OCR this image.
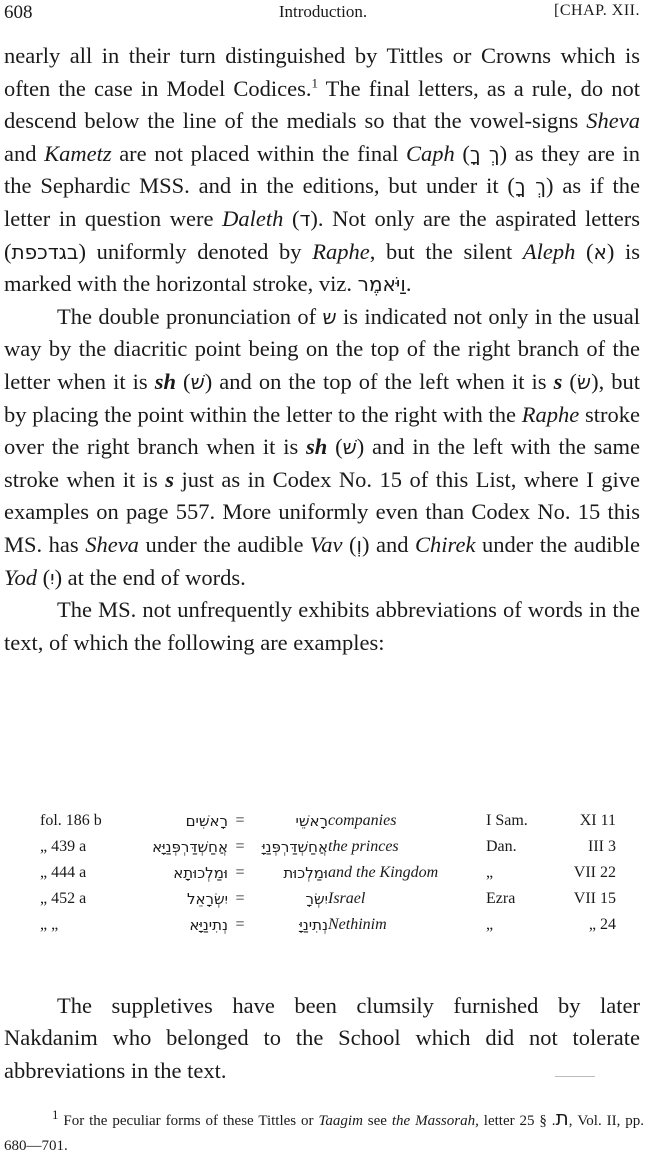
608	Introduction.	[CHAP. XII.

nearly all in their turn distinguished by Tittles or Crowns which is often the case in Model Codices.$^1$ The final letters, as a rule, do not descend below the line of the medials so that the vowel-signs Sheva and Kametz are not placed within the final Caph (ךְ ךָ) as they are in the Sephardic MSS. and in the editions, but under it (ךְ ךָ) as if the letter in question were Daleth (ד). Not only are the aspirated letters (בגדכפת) uniformly denoted by Raphe, but the silent Aleph (א) is marked with the horizontal stroke, viz. וַיֹּאמֶר.

The double pronunciation of ש is indicated not only in the usual way by the diacritic point being on the top of the right branch of the letter when it is sh (שׁ) and on the top of the left when it is s (שׂ), but by placing the point within the letter to the right with the Raphe stroke over the right branch when it is sh (שׁ) and in the left with the same stroke when it is s just as in Codex No. 15 of this List, where I give examples on page 557. More uniformly even than Codex No. 15 this MS. has Sheva under the audible Vav (וְ) and Chirek under the audible Yod (יִ) at the end of words.

The MS. not unfrequently exhibits abbreviations of words in the text, of which the following are examples:

fol. 186 b	רָאשִׁים	=	רָאשֵׁי	companies	I Sam.	XI 11
„ 439 a	אֲחַשְׁדַּרְפְּנַיָּא	=	אֲחַשְׁדַּרְפְּנַיָּ	the princes	Dan.	III 3
„ 444 a	וּמַלְכוּתָא	=	וּמַלְכוּת	and the Kingdom	„	VII 22
„ 452 a	יִשְׂרָאֵל	=	יִשְׂרָ	Israel	Ezra	VII 15
„ „	נְתִינַיָּא	=	נְתִינַיָּ	Nethinim	„	„ 24

The suppletives have been clumsily furnished by later Nakdanim who belonged to the School which did not tolerate abbreviations in the text.

$^1$ For the peculiar forms of these Tittles or Taagim see the Massorah, letter ת. § 25, Vol. II, pp. 680—701.
